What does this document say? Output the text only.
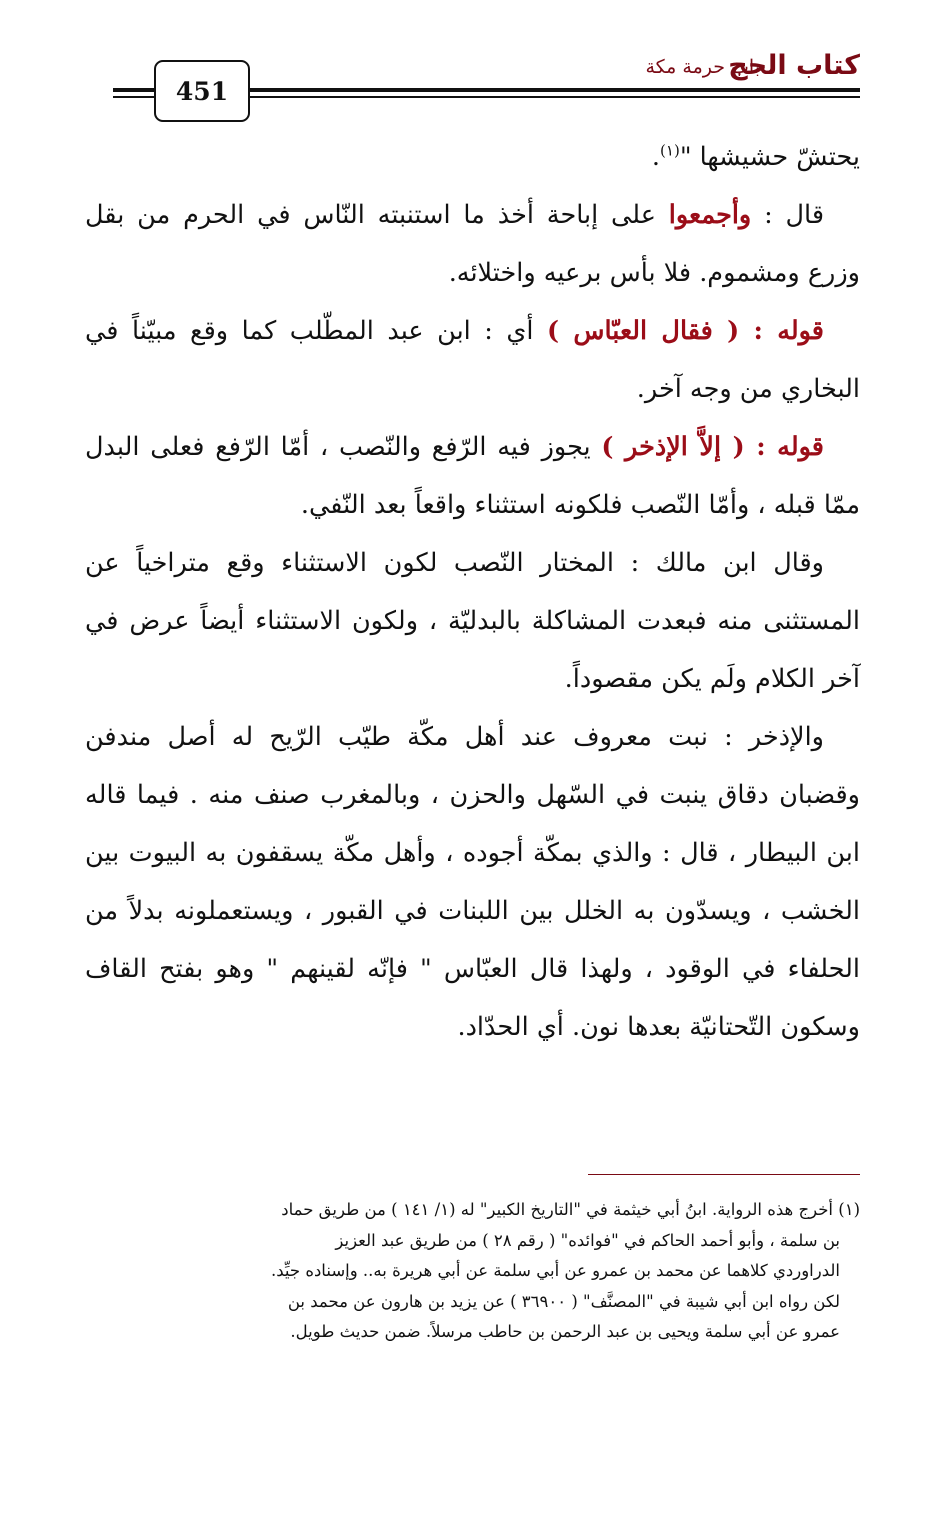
كتاب الحج
باب حرمة مكة
451

يحتشّ حشيشها "$^{(١)}$.

قال : وأجمعوا على إباحة أخذ ما استنبته النّاس في الحرم من بقل وزرع ومشموم. فلا بأس برعيه واختلائه.

قوله : ( فقال العبّاس ) أي : ابن عبد المطّلب كما وقع مبيّناً في البخاري من وجه آخر.

قوله : ( إلاَّ الإذخر ) يجوز فيه الرّفع والنّصب ، أمّا الرّفع فعلى البدل ممّا قبله ، وأمّا النّصب فلكونه استثناء واقعاً بعد النّفي.

وقال ابن مالك : المختار النّصب لكون الاستثناء وقع متراخياً عن المستثنى منه فبعدت المشاكلة بالبدليّة ، ولكون الاستثناء أيضاً عرض في آخر الكلام ولَم يكن مقصوداً.

والإذخر : نبت معروف عند أهل مكّة طيّب الرّيح له أصل مندفن وقضبان دقاق ينبت في السّهل والحزن ، وبالمغرب صنف منه . فيما قاله ابن البيطار ، قال : والذي بمكّة أجوده ، وأهل مكّة يسقفون به البيوت بين الخشب ، ويسدّون به الخلل بين اللبنات في القبور ، ويستعملونه بدلاً من الحلفاء في الوقود ، ولهذا قال العبّاس " فإنّه لقينهم " وهو بفتح القاف وسكون التّحتانيّة بعدها نون. أي الحدّاد.

(١) أخرج هذه الرواية. ابنُ أبي خيثمة في "التاريخ الكبير" له (١/ ١٤١ ) من طريق حماد
بن سلمة ، وأبو أحمد الحاكم في "فوائده" ( رقم ٢٨ ) من طريق عبد العزيز
الدراوردي كلاهما عن محمد بن عمرو عن أبي سلمة عن أبي هريرة به.. وإسناده جيِّد.
لكن رواه ابن أبي شيبة في "المصنَّف" ( ٣٦٩٠٠ ) عن يزيد بن هارون عن محمد بن
عمرو عن أبي سلمة ويحيى بن عبد الرحمن بن حاطب مرسلاً. ضمن حديث طويل.
